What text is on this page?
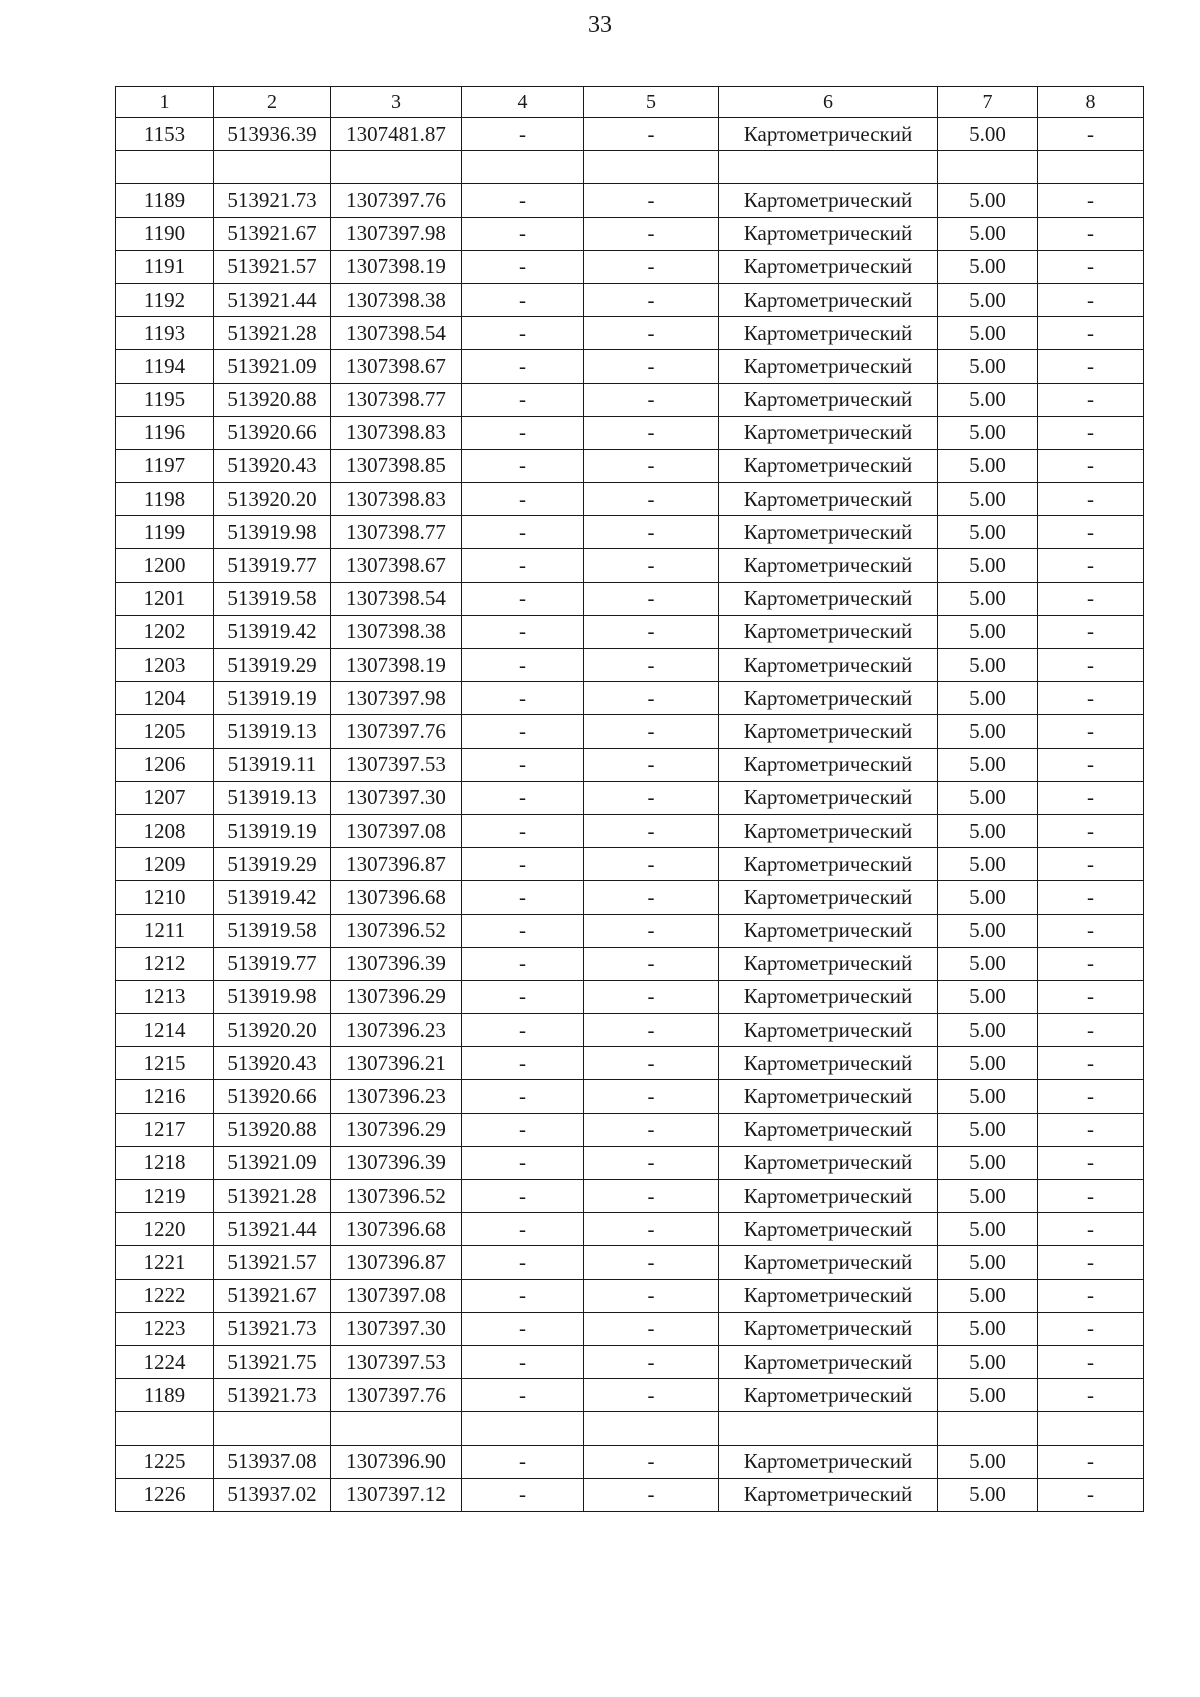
33
1	2	3	4	5	6	7	8
1153	513936.39	1307481.87	-	-	Картометрический	5.00	-

1189	513921.73	1307397.76	-	-	Картометрический	5.00	-
1190	513921.67	1307397.98	-	-	Картометрический	5.00	-
1191	513921.57	1307398.19	-	-	Картометрический	5.00	-
1192	513921.44	1307398.38	-	-	Картометрический	5.00	-
1193	513921.28	1307398.54	-	-	Картометрический	5.00	-
1194	513921.09	1307398.67	-	-	Картометрический	5.00	-
1195	513920.88	1307398.77	-	-	Картометрический	5.00	-
1196	513920.66	1307398.83	-	-	Картометрический	5.00	-
1197	513920.43	1307398.85	-	-	Картометрический	5.00	-
1198	513920.20	1307398.83	-	-	Картометрический	5.00	-
1199	513919.98	1307398.77	-	-	Картометрический	5.00	-
1200	513919.77	1307398.67	-	-	Картометрический	5.00	-
1201	513919.58	1307398.54	-	-	Картометрический	5.00	-
1202	513919.42	1307398.38	-	-	Картометрический	5.00	-
1203	513919.29	1307398.19	-	-	Картометрический	5.00	-
1204	513919.19	1307397.98	-	-	Картометрический	5.00	-
1205	513919.13	1307397.76	-	-	Картометрический	5.00	-
1206	513919.11	1307397.53	-	-	Картометрический	5.00	-
1207	513919.13	1307397.30	-	-	Картометрический	5.00	-
1208	513919.19	1307397.08	-	-	Картометрический	5.00	-
1209	513919.29	1307396.87	-	-	Картометрический	5.00	-
1210	513919.42	1307396.68	-	-	Картометрический	5.00	-
1211	513919.58	1307396.52	-	-	Картометрический	5.00	-
1212	513919.77	1307396.39	-	-	Картометрический	5.00	-
1213	513919.98	1307396.29	-	-	Картометрический	5.00	-
1214	513920.20	1307396.23	-	-	Картометрический	5.00	-
1215	513920.43	1307396.21	-	-	Картометрический	5.00	-
1216	513920.66	1307396.23	-	-	Картометрический	5.00	-
1217	513920.88	1307396.29	-	-	Картометрический	5.00	-
1218	513921.09	1307396.39	-	-	Картометрический	5.00	-
1219	513921.28	1307396.52	-	-	Картометрический	5.00	-
1220	513921.44	1307396.68	-	-	Картометрический	5.00	-
1221	513921.57	1307396.87	-	-	Картометрический	5.00	-
1222	513921.67	1307397.08	-	-	Картометрический	5.00	-
1223	513921.73	1307397.30	-	-	Картометрический	5.00	-
1224	513921.75	1307397.53	-	-	Картометрический	5.00	-
1189	513921.73	1307397.76	-	-	Картометрический	5.00	-

1225	513937.08	1307396.90	-	-	Картометрический	5.00	-
1226	513937.02	1307397.12	-	-	Картометрический	5.00	-
